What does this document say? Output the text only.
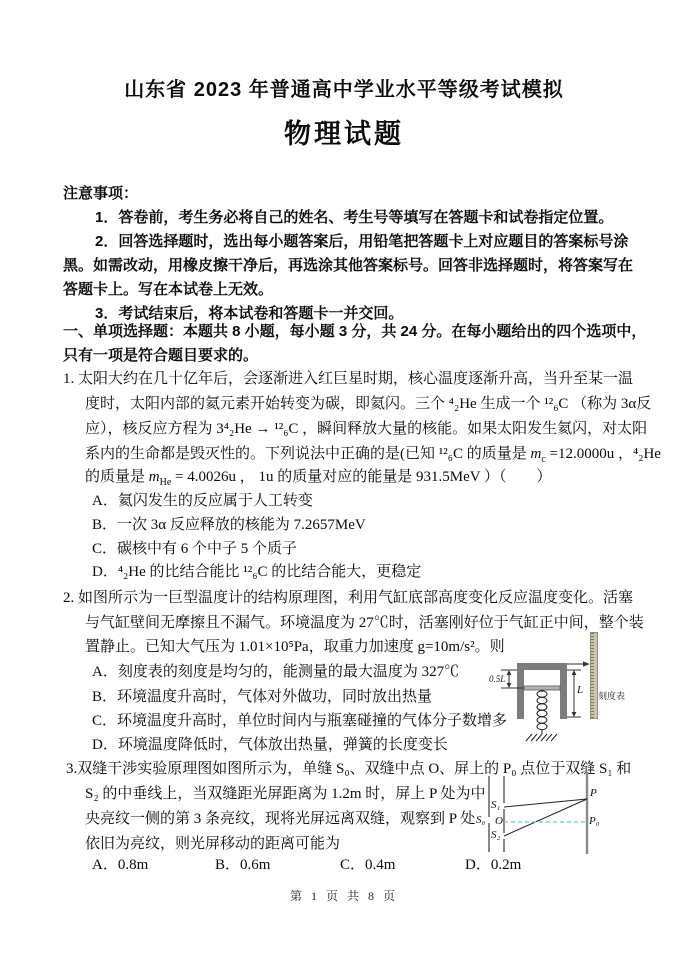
山东省 2023 年普通高中学业水平等级考试模拟
物理试题
注意事项：
1．答卷前，考生务必将自己的姓名、考生号等填写在答题卡和试卷指定位置。
2．回答选择题时，选出每小题答案后，用铅笔把答题卡上对应题目的答案标号涂
黑。如需改动，用橡皮擦干净后，再选涂其他答案标号。回答非选择题时，将答案写在
答题卡上。写在本试卷上无效。
3．考试结束后，将本试卷和答题卡一并交回。
一、单项选择题：本题共 8 小题，每小题 3 分，共 24 分。在每小题给出的四个选项中，
只有一项是符合题目要求的。
1. 太阳大约在几十亿年后，会逐渐进入红巨星时期，核心温度逐渐升高，当升至某一温
度时，太阳内部的氦元素开始转变为碳，即氦闪。三个 ⁴₂He 生成一个 ¹²₆C （称为 3α反
应），核反应方程为 3⁴₂He → ¹²₆C ，瞬间释放大量的核能。如果太阳发生氦闪，对太阳
系内的生命都是毁灭性的。下列说法中正确的是(已知 ¹²₆C 的质量是 $m_c =12.0000u$ ，⁴₂He
的质量是 $m_{He} = 4.0026u$ ， 1u 的质量对应的能量是 931.5MeV ）（　　）
A．氦闪发生的反应属于人工转变
B．一次 3α 反应释放的核能为 7.2657MeV
C．碳核中有 6 个中子 5 个质子
D．⁴₂He 的比结合能比 ¹²₆C 的比结合能大，更稳定
2. 如图所示为一巨型温度计的结构原理图，利用气缸底部高度变化反应温度变化。活塞
与气缸壁间无摩擦且不漏气。环境温度为 27℃时，活塞刚好位于气缸正中间，整个装
置静止。已知大气压为 1.01×10⁵Pa，取重力加速度 g=10m/s²。则
A．刻度表的刻度是均匀的，能测量的最大温度为 327℃
B．环境温度升高时，气体对外做功，同时放出热量
C．环境温度升高时，单位时间内与瓶塞碰撞的气体分子数增多
D．环境温度降低时，气体放出热量，弹簧的长度变长
0.5L
L 刻度表
3.双缝干涉实验原理图如图所示为，单缝 S₀、双缝中点 O、屏上的 P₀ 点位于双缝 S₁ 和
S₂ 的中垂线上，当双缝距光屏距离为 1.2m 时，屏上 P 处为中
央亮纹一侧的第 3 条亮纹，现将光屏远离双缝，观察到 P 处
依旧为亮纹，则光屏移动的距离可能为
A．0.8m	B．0.6m	C．0.4m	D．0.2m
S₀
S₁
O
S₂
P
P₀
第 1 页 共 8 页
